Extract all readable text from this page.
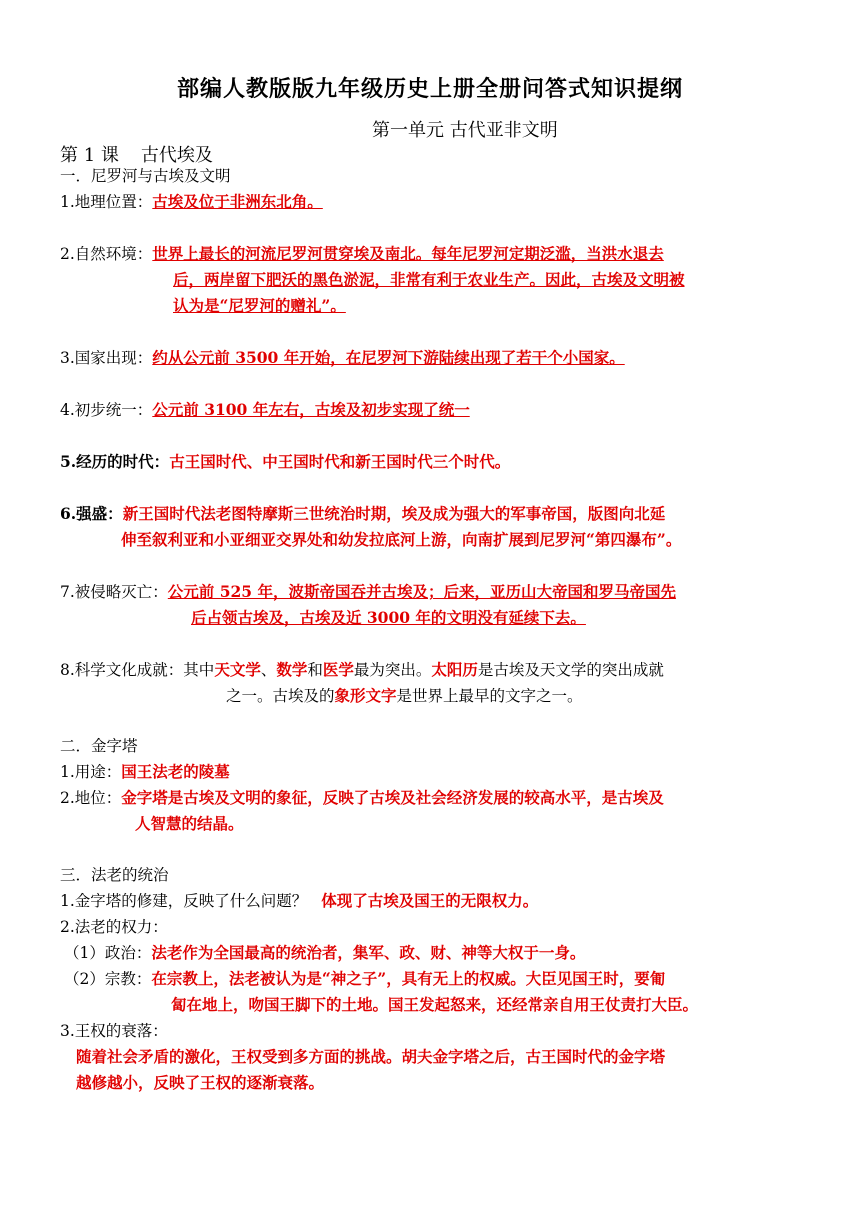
部编人教版版九年级历史上册全册问答式知识提纲
第一单元 古代亚非文明
第 1 课 古代埃及
一．尼罗河与古埃及文明
1.地理位置：古埃及位于非洲东北角。
2.自然环境：世界上最长的河流尼罗河贯穿埃及南北。每年尼罗河定期泛滥，当洪水退去
后，两岸留下肥沃的黑色淤泥，非常有利于农业生产。因此，古埃及文明被
认为是“尼罗河的赠礼”。
3.国家出现：约从公元前 3500 年开始，在尼罗河下游陆续出现了若干个小国家。
4.初步统一：公元前 3100 年左右，古埃及初步实现了统一
5.经历的时代：古王国时代、中王国时代和新王国时代三个时代。
6.强盛：新王国时代法老图特摩斯三世统治时期，埃及成为强大的军事帝国，版图向北延
伸至叙利亚和小亚细亚交界处和幼发拉底河上游，向南扩展到尼罗河“第四瀑布”。
7.被侵略灭亡：公元前 525 年，波斯帝国吞并古埃及；后来，亚历山大帝国和罗马帝国先
后占领古埃及，古埃及近 3000 年的文明没有延续下去。
8.科学文化成就：其中天文学、数学和医学最为突出。太阳历是古埃及天文学的突出成就
之一。古埃及的象形文字是世界上最早的文字之一。
二．金字塔
1.用途：国王法老的陵墓
2.地位：金字塔是古埃及文明的象征，反映了古埃及社会经济发展的较高水平，是古埃及
人智慧的结晶。
三．法老的统治
1.金字塔的修建，反映了什么问题？ 体现了古埃及国王的无限权力。
2.法老的权力：
（1）政治：法老作为全国最高的统治者，集军、政、财、神等大权于一身。
（2）宗教：在宗教上，法老被认为是“神之子”，具有无上的权威。大臣见国王时，要匍
匐在地上，吻国王脚下的土地。国王发起怒来，还经常亲自用王仗责打大臣。
3.王权的衰落：
随着社会矛盾的激化，王权受到多方面的挑战。胡夫金字塔之后，古王国时代的金字塔
越修越小，反映了王权的逐渐衰落。
